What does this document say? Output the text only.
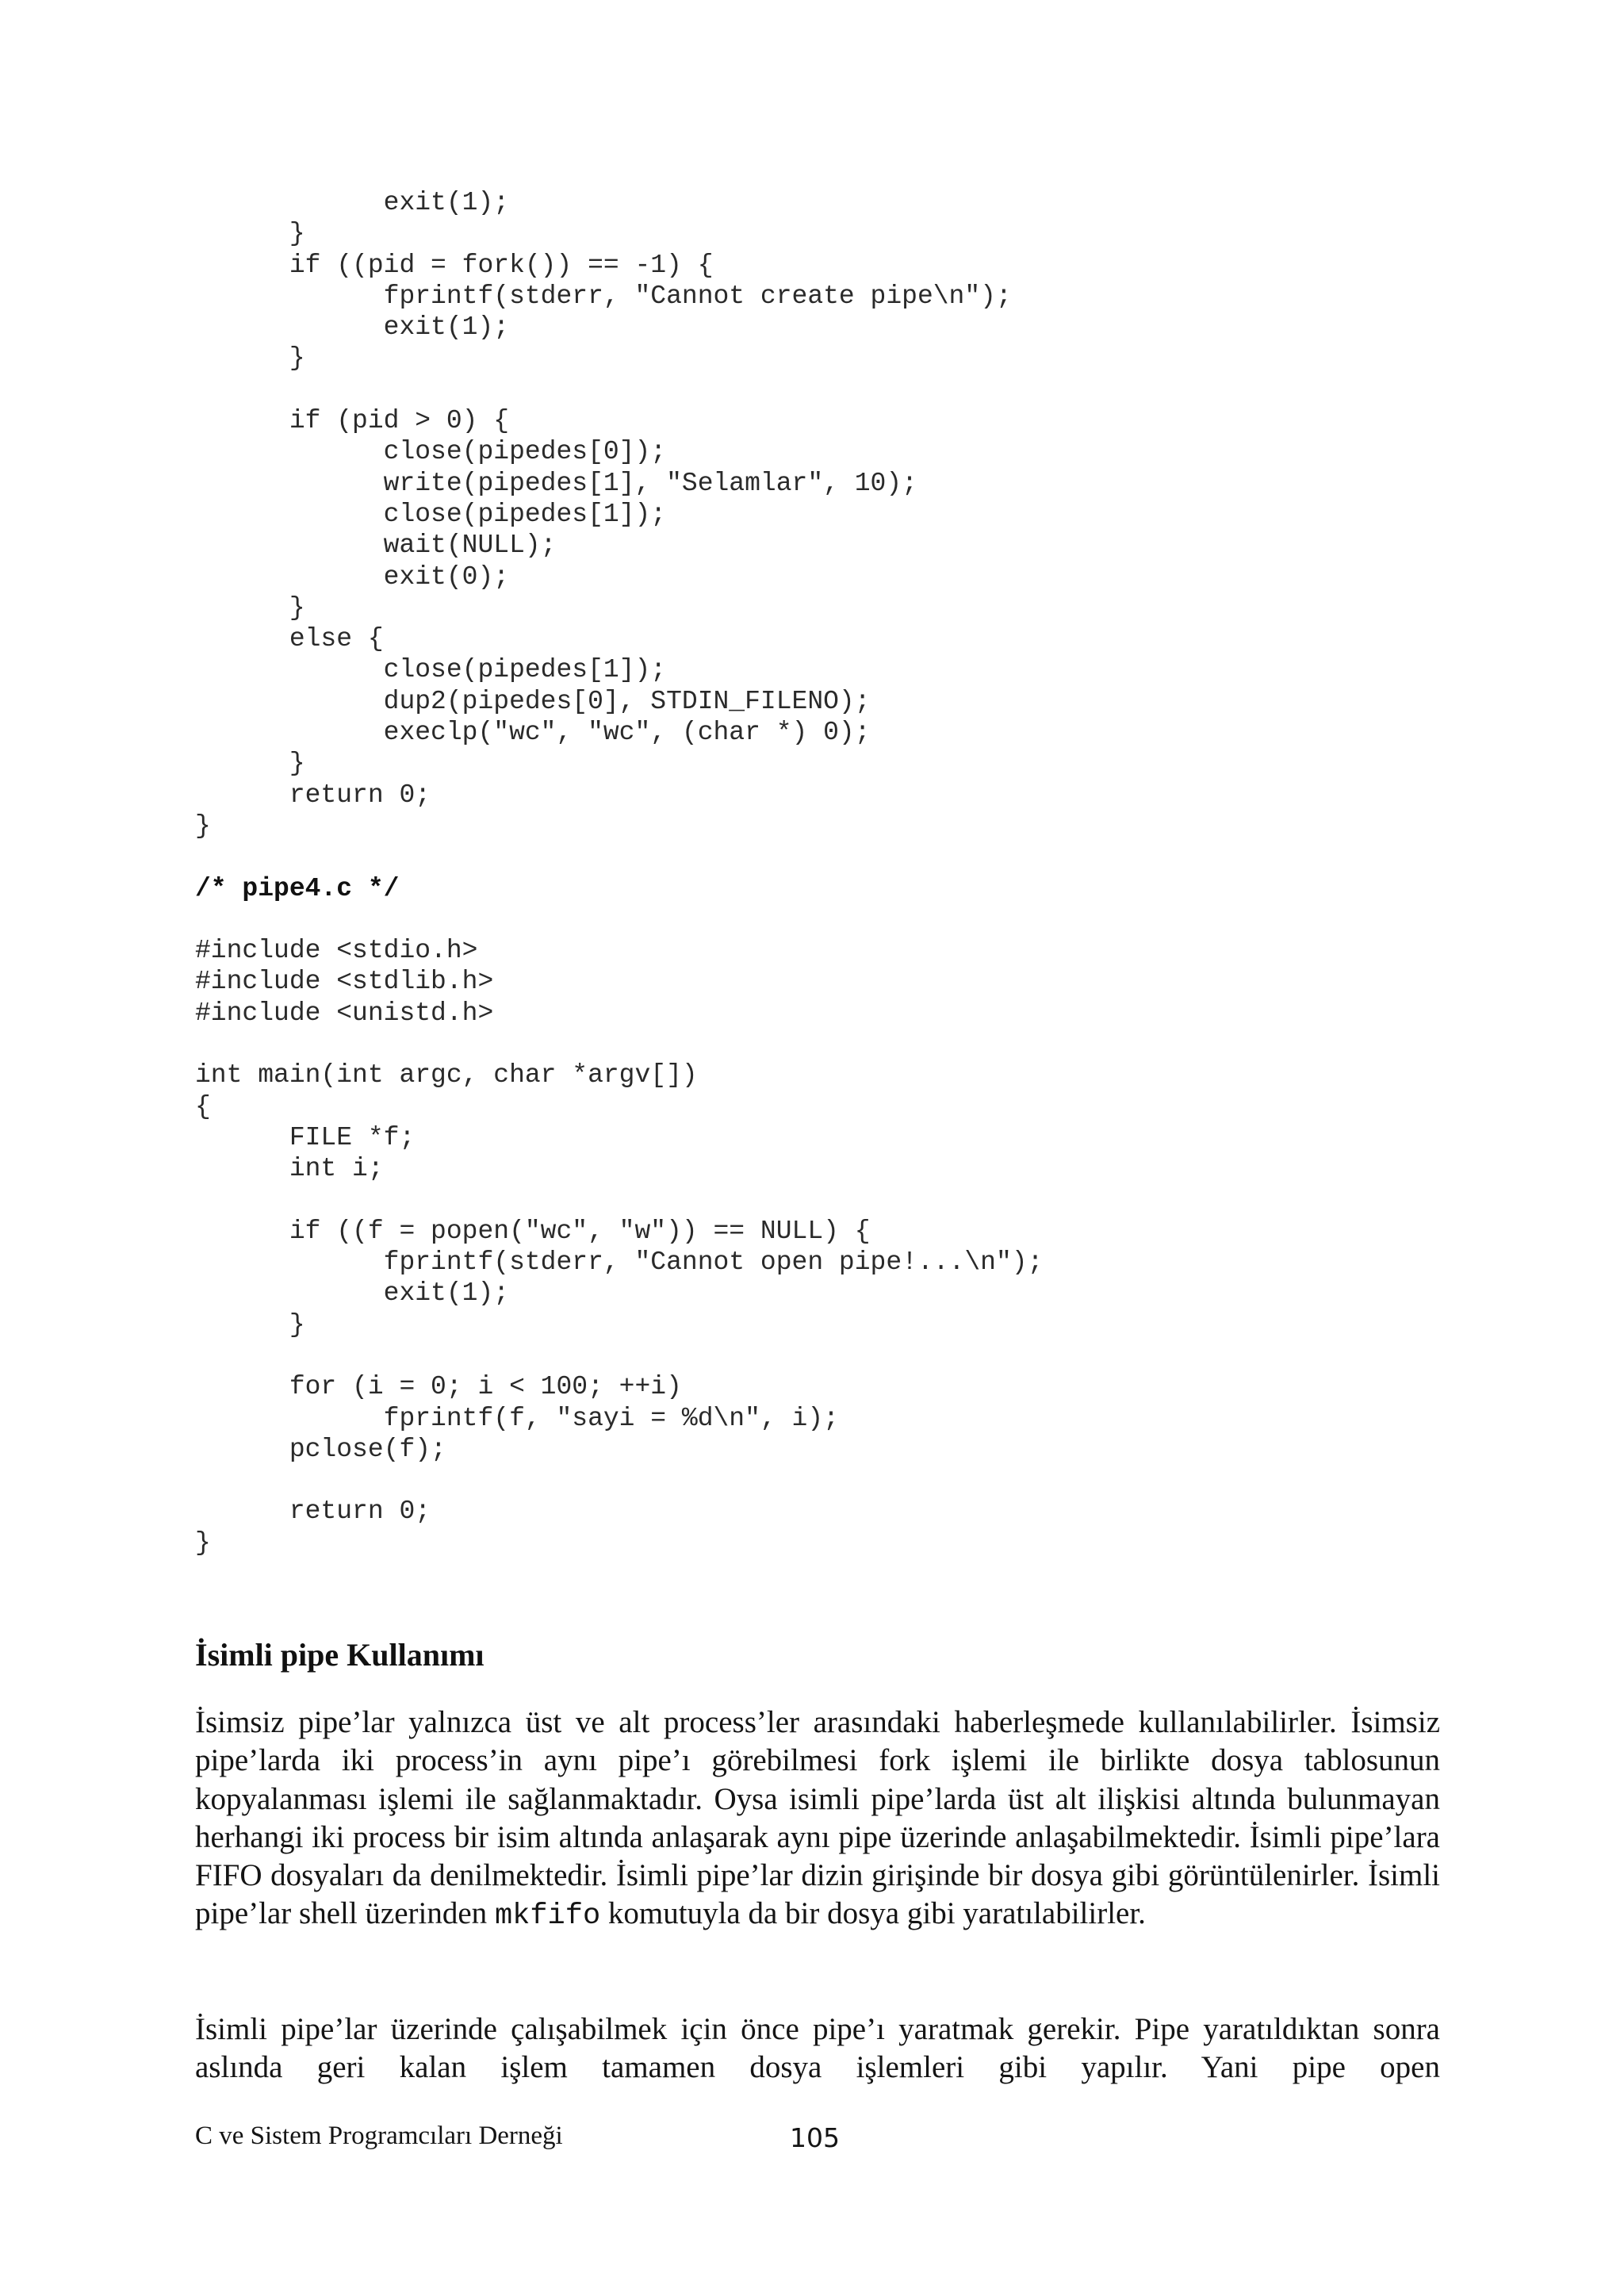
exit(1);
}
if ((pid = fork()) == -1) {
fprintf(stderr, "Cannot create pipe\n");
exit(1);
}
if (pid > 0) {
close(pipedes[0]);
write(pipedes[1], "Selamlar", 10);
close(pipedes[1]);
wait(NULL);
exit(0);
}
else {
close(pipedes[1]);
dup2(pipedes[0], STDIN_FILENO);
execlp("wc", "wc", (char *) 0);
}
return 0;
}
/* pipe4.c */
#include <stdio.h>
#include <stdlib.h>
#include <unistd.h>
int main(int argc, char *argv[])
{
FILE *f;
int i;
if ((f = popen("wc", "w")) == NULL) {
fprintf(stderr, "Cannot open pipe!...\n");
exit(1);
}
for (i = 0; i < 100; ++i)
fprintf(f, "sayi = %d\n", i);
pclose(f);
return 0;
}
İsimli pipe Kullanımı

İsimsiz pipe’lar yalnızca üst ve alt process’ler arasındaki haberleşmede kullanılabilirler. İsimsiz pipe’larda iki process’in aynı pipe’ı görebilmesi fork işlemi ile birlikte dosya tablosunun kopyalanması işlemi ile sağlanmaktadır. Oysa isimli pipe’larda üst alt ilişkisi altında bulunmayan herhangi iki process bir isim altında anlaşarak aynı pipe üzerinde anlaşabilmektedir. İsimli pipe’lara FIFO dosyaları da denilmektedir. İsimli pipe’lar dizin girişinde bir dosya gibi görüntülenirler. İsimli pipe’lar shell üzerinden mkfifo komutuyla da bir dosya gibi yaratılabilirler.

İsimli pipe’lar üzerinde çalışabilmek için önce pipe’ı yaratmak gerekir. Pipe yaratıldıktan sonra aslında geri kalan işlem tamamen dosya işlemleri gibi yapılır. Yani pipe open

C ve Sistem Programcıları Derneği	105
